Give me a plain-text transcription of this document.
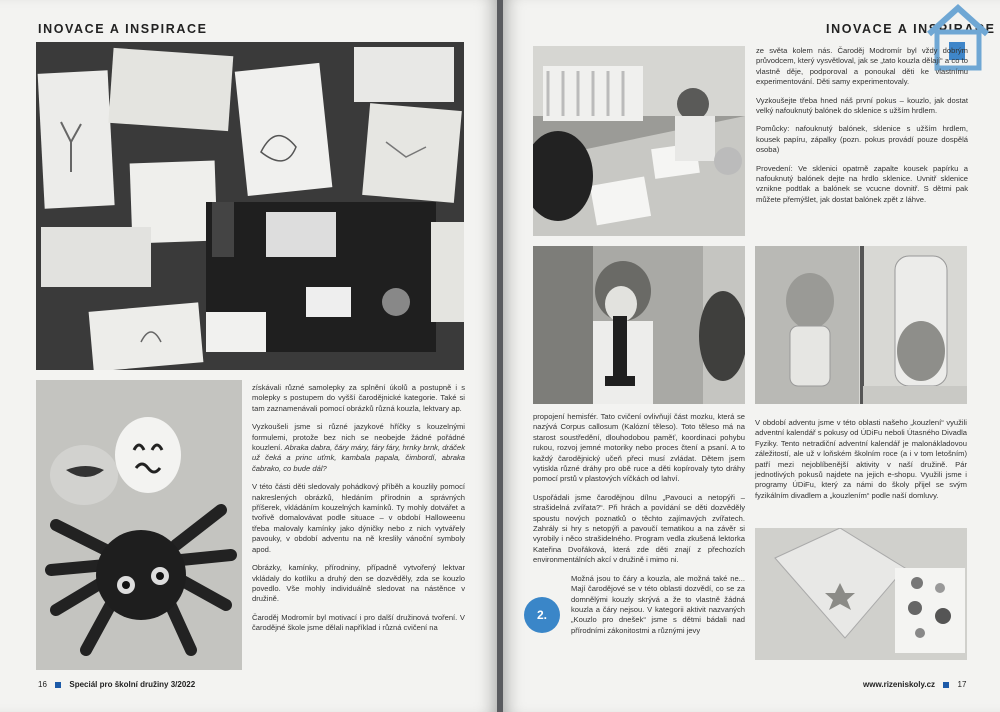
INOVACE A INSPIRACE

získávali různé samolepky za splnění úkolů a postupně i s molepky s postupem do vyšší čarodějnické kategorie. Také si tam zaznamenávali pomocí obrázků různá kouzla, lektvary ap.

Vyzkoušeli jsme si různé jazykové hříčky s kouzelnými formulemi, protože bez nich se neobejde žádné pořádné kouzlení. Abraka dabra, čáry máry, fáry fáry, hrnky brnk, dráček už čeká a princ uťmk, kambala papala, čimbordí, abraka čabrako, co bude dál?

V této části děti sledovaly pohádkový příběh a kouzlily pomocí nakreslených obrázků, hledáním přírodnin a správných příšerek, vkládáním kouzelných kamínků. Ty mohly dotvářet a tvořivě domalovávat podle situace – v období Halloweenu třeba malovaly kamínky jako dýničky nebo z nich vytvářely pavouky, v období adventu na ně kreslily vánoční symboly apod.

Obrázky, kamínky, přírodniny, případně vytvořený lektvar vkládaly do kotlíku a druhý den se dozvěděly, zda se kouzlo povedlo. Vše mohly individuálně sledovat na nástěnce v družině.

Čaroděj Modromír byl motivací i pro další družinová tvoření. V čarodějné škole jsme dělali například i různá cvičení na

16	Speciál pro školní družiny 3/2022
INOVACE A INSPIRACE

ze světa kolem nás. Čaroděj Modromír byl vždy dobrým průvodcem, který vysvětloval, jak se „tato kouzla dělají“ a co to vlastně děje, podporoval a ponoukal děti ke vlastnímu experimentování. Děti samy experimentovaly.

Vyzkoušejte třeba hned náš první pokus – kouzlo, jak dostat velký nafouknutý balónek do sklenice s užším hrdlem.

Pomůcky: nafouknutý balónek, sklenice s užším hrdlem, kousek papíru, zápalky (pozn. pokus provádí pouze dospělá osoba)

Provedení: Ve sklenici opatrně zapalte kousek papírku a nafouknutý balónek dejte na hrdlo sklenice. Uvnitř sklenice vznikne podtlak a balónek se vcucne dovnitř. S dětmi pak můžete přemýšlet, jak dostat balónek zpět z láhve.

propojení hemisfér. Tato cvičení ovlivňují část mozku, která se nazývá Corpus callosum (Kalózní těleso). Toto těleso má na starost soustředění, dlouhodobou paměť, koordinaci pohybu rukou, rozvoj jemné motoriky nebo proces čtení a psaní. A to každý čarodějnický učeň přeci musí zvládat. Dětem jsem vytiskla různé dráhy pro obě ruce a děti kopírovaly tyto dráhy pomocí prstů v plastových víčkách od lahví.

Uspořádali jsme čarodějnou dílnu „Pavouci a netopýři – strašidelná zvířata?“. Při hrách a povídání se děti dozvěděly spoustu nových poznatků o těchto zajímavých zvířatech. Zahrály si hry s netopýři a pavoučí tematikou a na závěr si vyrobily i něco strašidelného. Program vedla zkušená lektorka Kateřina Dvořáková, která zde děti znají z přechozích environmentálních akcí v družině i mimo ni.

Možná jsou to čáry a kouzla, ale možná také ne... Mají čarodějové se v této oblasti dozvědí, co se za domnělými kouzly skrývá a že to vlastně žádná kouzla a čáry nejsou. V kategorii aktivit nazvaných „Kouzlo pro dnešek“ jsme s dětmi bádali nad přírodními zákonitostmi a různými jevy

V období adventu jsme v této oblasti našeho „kouzlení“ využili adventní kalendář s pokusy od ÚDiFu neboli Útasného Divadla Fyziky. Tento netradiční adventní kalendář je malonákladovou záležitostí, ale už v loňském školním roce (a i v tom letošním) patří mezi nejoblíbenější aktivity v naší družině. Pár jednotlivých pokusů najdete na jejich e-shopu. Využili jsme i programy ÚDiFu, který za námi do školy přijel se svým fyzikálním divadlem a „kouzlením“ podle naší domluvy.

www.rizeniskoly.cz	17
2.
